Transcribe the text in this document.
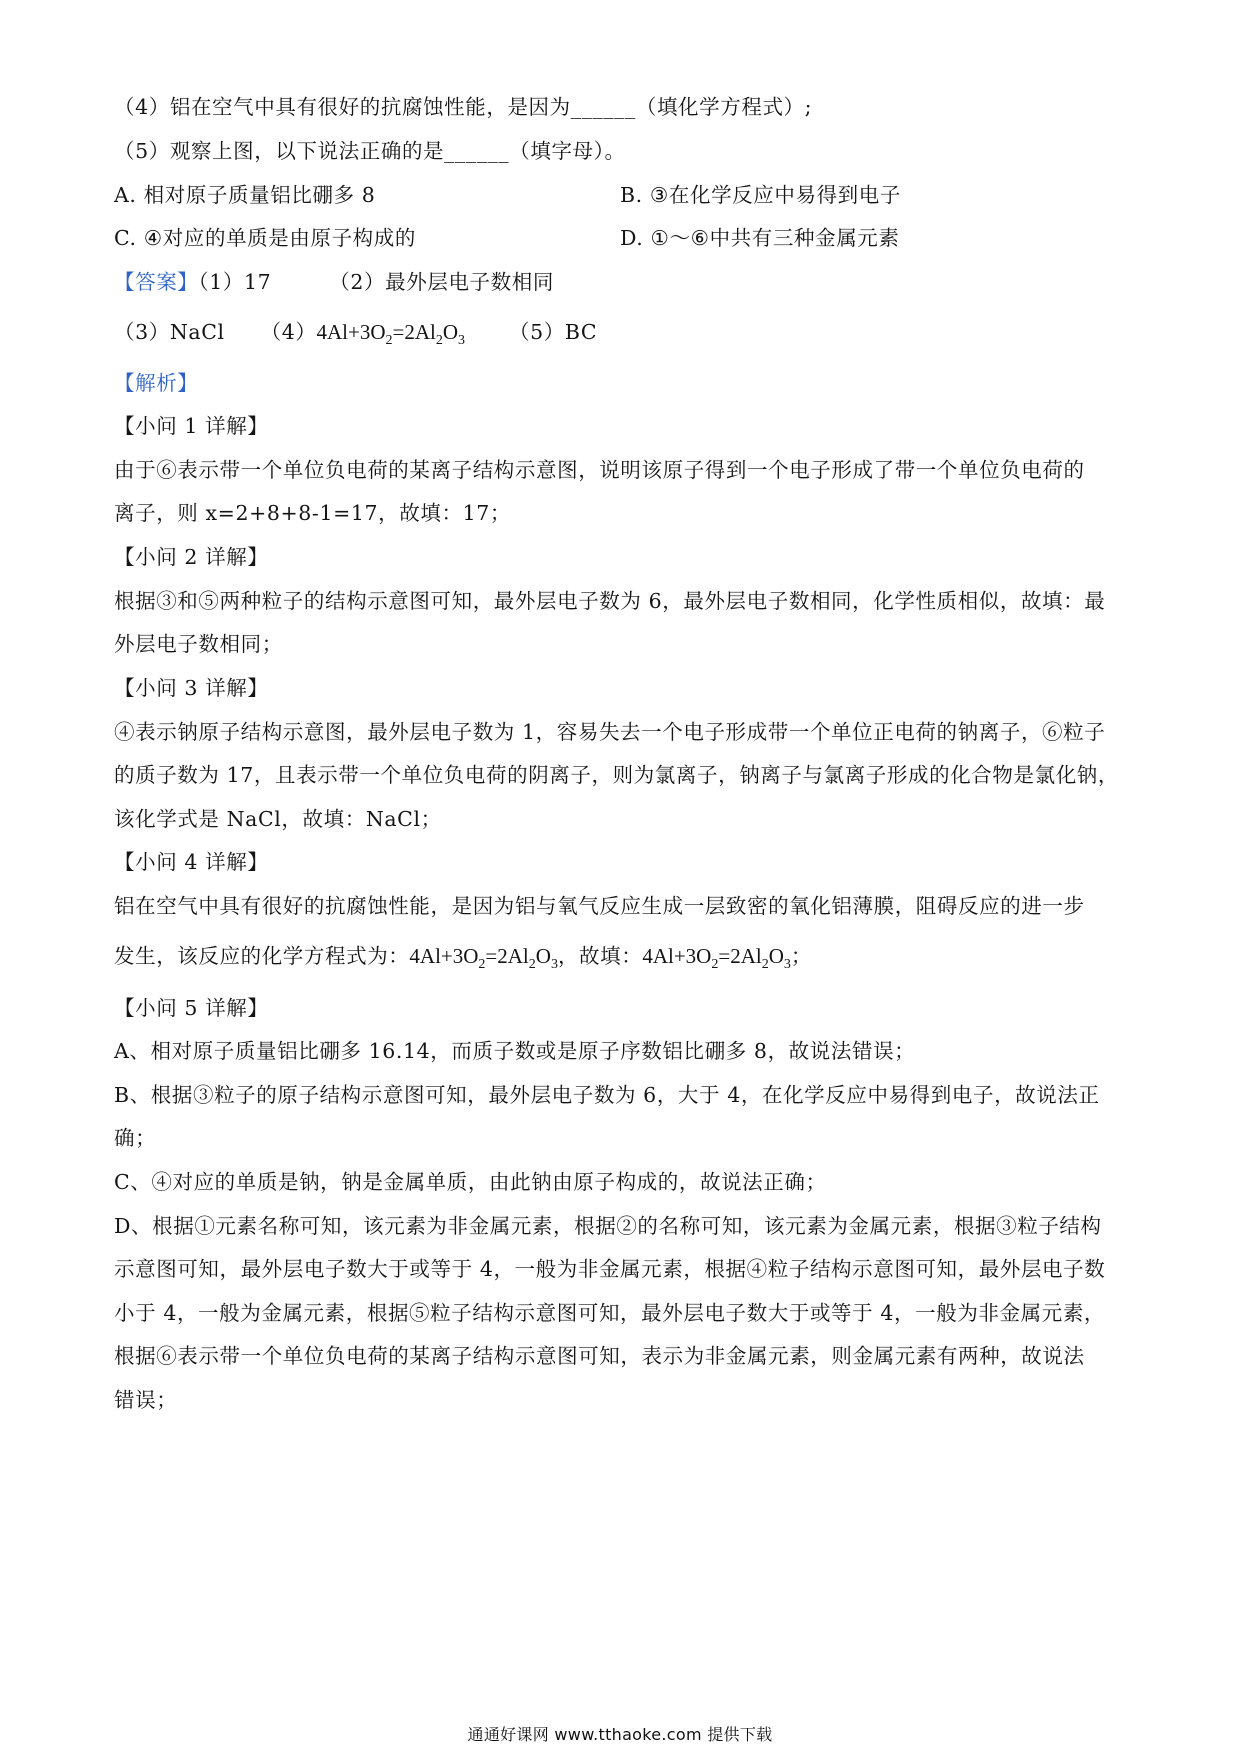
（4）铝在空气中具有很好的抗腐蚀性能，是因为______（填化学方程式）;
（5）观察上图，以下说法正确的是______（填字母）。
A. 相对原子质量铝比硼多 8	B. ③在化学反应中易得到电子
C. ④对应的单质是由原子构成的	D. ①～⑥中共有三种金属元素
【答案】（1）17	（2）最外层电子数相同
（3）NaCl $(4)4Al+3O_2=2Al_2O_3$ （5）BC
【解析】
【小问 1 详解】
由于⑥表示带一个单位负电荷的某离子结构示意图，说明该原子得到一个电子形成了带一个单位负电荷的
离子，则 x=2+8+8-1=17，故填：17；
【小问 2 详解】
根据③和⑤两种粒子的结构示意图可知，最外层电子数为 6，最外层电子数相同，化学性质相似，故填：最
外层电子数相同；
【小问 3 详解】
④表示钠原子结构示意图，最外层电子数为 1，容易失去一个电子形成带一个单位正电荷的钠离子，⑥粒子
的质子数为 17，且表示带一个单位负电荷的阴离子，则为氯离子，钠离子与氯离子形成的化合物是氯化钠，
该化学式是 NaCl，故填：NaCl；
【小问 4 详解】
铝在空气中具有很好的抗腐蚀性能，是因为铝与氧气反应生成一层致密的氧化铝薄膜，阻碍反应的进一步
发生，该反应的化学方程式为：$4Al+3O_2=2Al_2O_3$，故填：$4Al+3O_2=2Al_2O_3$；
【小问 5 详解】
A、相对原子质量铝比硼多 16.14，而质子数或是原子序数铝比硼多 8，故说法错误；
B、根据③粒子的原子结构示意图可知，最外层电子数为 6，大于 4，在化学反应中易得到电子，故说法正
确；
C、④对应的单质是钠，钠是金属单质，由此钠由原子构成的，故说法正确；
D、根据①元素名称可知，该元素为非金属元素，根据②的名称可知，该元素为金属元素，根据③粒子结构
示意图可知，最外层电子数大于或等于 4，一般为非金属元素，根据④粒子结构示意图可知，最外层电子数
小于 4，一般为金属元素，根据⑤粒子结构示意图可知，最外层电子数大于或等于 4，一般为非金属元素，
根据⑥表示带一个单位负电荷的某离子结构示意图可知，表示为非金属元素，则金属元素有两种，故说法
错误；
通通好课网 www.tthaoke.com 提供下载
